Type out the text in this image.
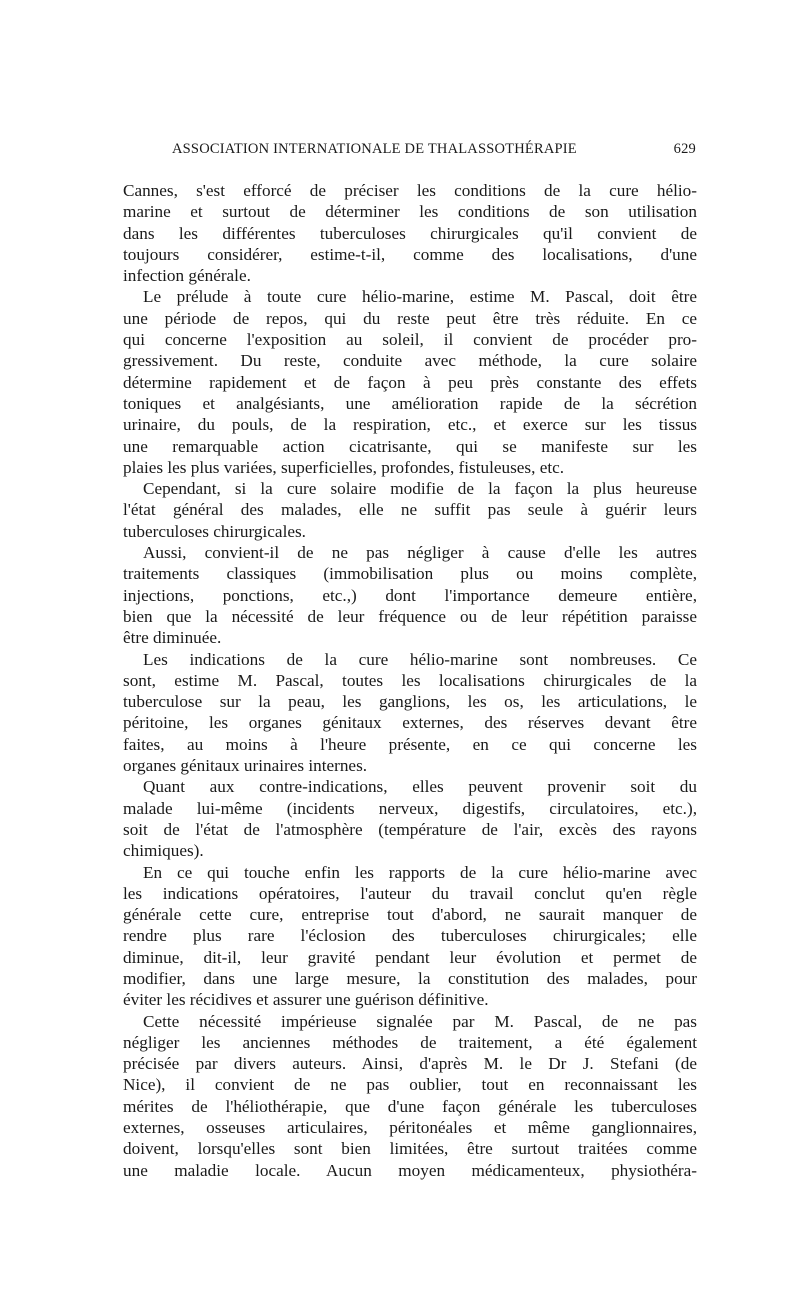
ASSOCIATION INTERNATIONALE DE THALASSOTHÉRAPIE	629
Cannes, s'est efforcé de préciser les conditions de la cure hélio-
marine et surtout de déterminer les conditions de son utilisation
dans les différentes tuberculoses chirurgicales qu'il convient de
toujours considérer, estime-t-il, comme des localisations, d'une
infection générale.
Le prélude à toute cure hélio-marine, estime M. Pascal, doit être
une période de repos, qui du reste peut être très réduite. En ce
qui concerne l'exposition au soleil, il convient de procéder pro-
gressivement. Du reste, conduite avec méthode, la cure solaire
détermine rapidement et de façon à peu près constante des effets
toniques et analgésiants, une amélioration rapide de la sécrétion
urinaire, du pouls, de la respiration, etc., et exerce sur les tissus
une remarquable action cicatrisante, qui se manifeste sur les
plaies les plus variées, superficielles, profondes, fistuleuses, etc.
Cependant, si la cure solaire modifie de la façon la plus heureuse
l'état général des malades, elle ne suffit pas seule à guérir leurs
tuberculoses chirurgicales.
Aussi, convient-il de ne pas négliger à cause d'elle les autres
traitements classiques (immobilisation plus ou moins complète,
injections, ponctions, etc.,) dont l'importance demeure entière,
bien que la nécessité de leur fréquence ou de leur répétition paraisse
être diminuée.
Les indications de la cure hélio-marine sont nombreuses. Ce
sont, estime M. Pascal, toutes les localisations chirurgicales de la
tuberculose sur la peau, les ganglions, les os, les articulations, le
péritoine, les organes génitaux externes, des réserves devant être
faites, au moins à l'heure présente, en ce qui concerne les
organes génitaux urinaires internes.
Quant aux contre-indications, elles peuvent provenir soit du
malade lui-même (incidents nerveux, digestifs, circulatoires, etc.),
soit de l'état de l'atmosphère (température de l'air, excès des rayons
chimiques).
En ce qui touche enfin les rapports de la cure hélio-marine avec
les indications opératoires, l'auteur du travail conclut qu'en règle
générale cette cure, entreprise tout d'abord, ne saurait manquer de
rendre plus rare l'éclosion des tuberculoses chirurgicales; elle
diminue, dit-il, leur gravité pendant leur évolution et permet de
modifier, dans une large mesure, la constitution des malades, pour
éviter les récidives et assurer une guérison définitive.
Cette nécessité impérieuse signalée par M. Pascal, de ne pas
négliger les anciennes méthodes de traitement, a été également
précisée par divers auteurs. Ainsi, d'après M. le Dr J. Stefani (de
Nice), il convient de ne pas oublier, tout en reconnaissant les
mérites de l'héliothérapie, que d'une façon générale les tuberculoses
externes, osseuses articulaires, péritonéales et même ganglionnaires,
doivent, lorsqu'elles sont bien limitées, être surtout traitées comme
une maladie locale. Aucun moyen médicamenteux, physiothéra-
